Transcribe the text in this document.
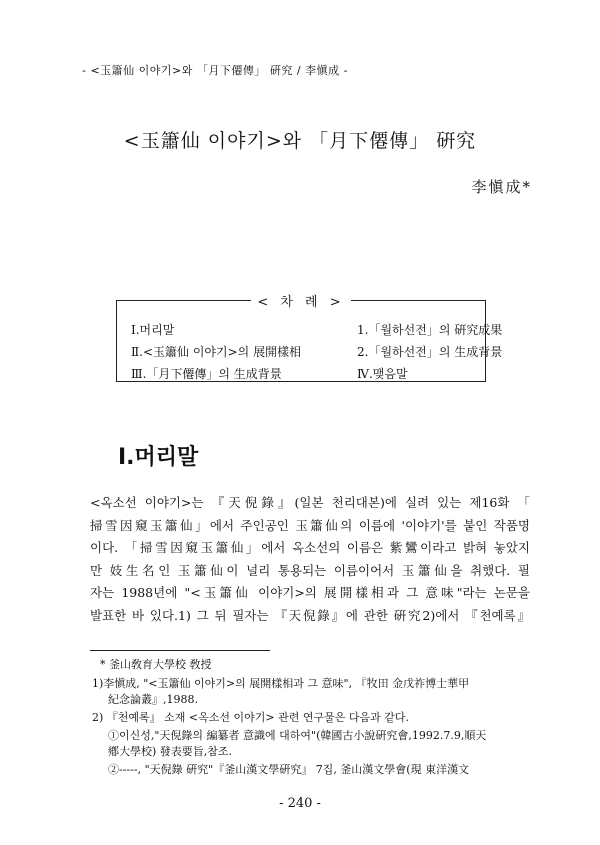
- <玉簫仙 이야기>와 「月下僊傳」 硏究 / 李愼成 -
<玉簫仙 이야기>와 「月下僊傳」 硏究
李愼成*
< 차 례 >
Ⅰ.머리말
Ⅱ.<玉簫仙 이야기>의 展開樣相
Ⅲ.「月下僊傳」의 生成背景
1.「월하선전」의 硏究成果
2.「월하선전」의 生成背景
Ⅳ.맺음말
Ⅰ.머리말
<옥소선 이야기>는 『天倪錄』(일본 천리대본)에 실려 있는 제16화 「
掃雪因窺玉簫仙」에서 주인공인 玉簫仙의 이름에 '이야기'를 붙인 작품명
이다. 「掃雪因窺玉簫仙」에서 옥소선의 이름은 紫鸞이라고 밝혀 놓았지
만 妓生名인 玉簫仙이 널리 통용되는 이름이어서 玉簫仙을 취했다. 필
자는 1988년에 "<玉簫仙 이야기>의 展開樣相과 그 意味"라는 논문을
발표한 바 있다.1) 그 뒤 필자는 『天倪錄』에 관한 硏究2)에서 『천예록』
* 釜山敎育大學校 敎授
1)李愼成, "<玉簫仙 이야기>의 展開樣相과 그 意味", 『牧田 金戊祚博士華甲
紀念論叢』,1988.
2) 『천예록』 소재 <옥소선 이야기> 관련 연구물은 다음과 같다.
①이신성,"天倪錄의 編纂者 意識에 대하여"(韓國古小說硏究會,1992.7.9,順天
鄕大學校) 發表要旨,참조.
②-----, "天倪錄 硏究"『釜山漢文學硏究』 7집, 釜山漢文學會(現 東洋漢文
- 240 -
